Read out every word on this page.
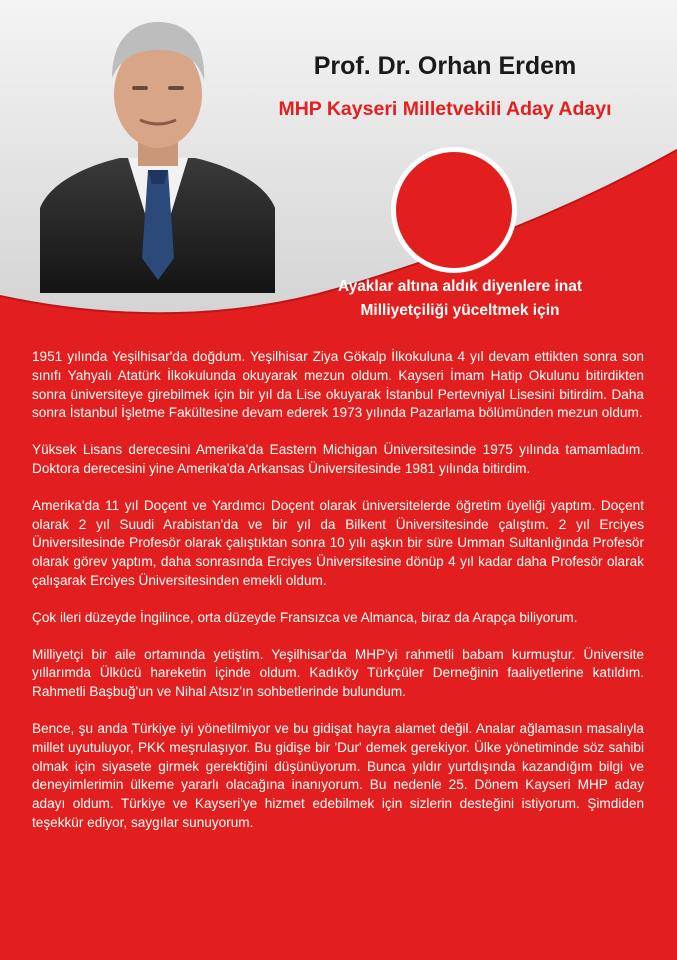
Prof. Dr. Orhan Erdem
MHP Kayseri Milletvekili Aday Adayı
Ayaklar altına aldık diyenlere inat
Milliyetçiliği yüceltmek için

1951 yılında Yeşilhisar'da doğdum. Yeşilhisar Ziya Gökalp İlkokuluna 4 yıl devam ettikten sonra son sınıfı Yahyalı Atatürk İlkokulunda okuyarak mezun oldum. Kayseri İmam Hatip Okulunu bitirdikten sonra üniversiteye girebilmek için bir yıl da Lise okuyarak İstanbul Pertevniyal Lisesini bitirdim. Daha sonra İstanbul İşletme Fakültesine devam ederek 1973 yılında Pazarlama bölümünden mezun oldum.

Yüksek Lisans derecesini Amerika'da Eastern Michigan Üniversitesinde 1975 yılında tamamladım. Doktora derecesini yine Amerika'da Arkansas Üniversitesinde 1981 yılında bitirdim.

Amerika'da 11 yıl Doçent ve Yardımcı Doçent olarak üniversitelerde öğretim üyeliği yaptım. Doçent olarak 2 yıl Suudi Arabistan'da ve bir yıl da Bilkent Üniversitesinde çalıştım. 2 yıl Erciyes Üniversitesinde Profesör olarak çalıştıktan sonra 10 yılı aşkın bir süre Umman Sultanlığında Profesör olarak görev yaptım, daha sonrasında Erciyes Üniversitesine dönüp 4 yıl kadar daha Profesör olarak çalışarak Erciyes Üniversitesinden emekli oldum.

Çok ileri düzeyde İngilince, orta düzeyde Fransızca ve Almanca, biraz da Arapça biliyorum.

Milliyetçi bir aile ortamında yetiştim. Yeşilhisar'da MHP'yi rahmetli babam kurmuştur. Üniversite yıllarımda Ülkücü hareketin içinde oldum. Kadıköy Türkçüler Derneğinin faaliyetlerine katıldım. Rahmetli Başbuğ'un ve Nihal Atsız'ın sohbetlerinde bulundum.

Bence, şu anda Türkiye iyi yönetilmiyor ve bu gidişat hayra alamet değil. Analar ağlamasın masalıyla millet uyutuluyor, PKK meşrulaşıyor. Bu gidişe bir 'Dur' demek gerekiyor. Ülke yönetiminde söz sahibi olmak için siyasete girmek gerektiğini düşünüyorum. Bunca yıldır yurtdışında kazandığım bilgi ve deneyimlerimin ülkeme yararlı olacağına inanıyorum. Bu nedenle 25. Dönem Kayseri MHP aday adayı oldum. Türkiye ve Kayseri'ye hizmet edebilmek için sizlerin desteğini istiyorum. Şimdiden teşekkür ediyor, saygılar sunuyorum.
